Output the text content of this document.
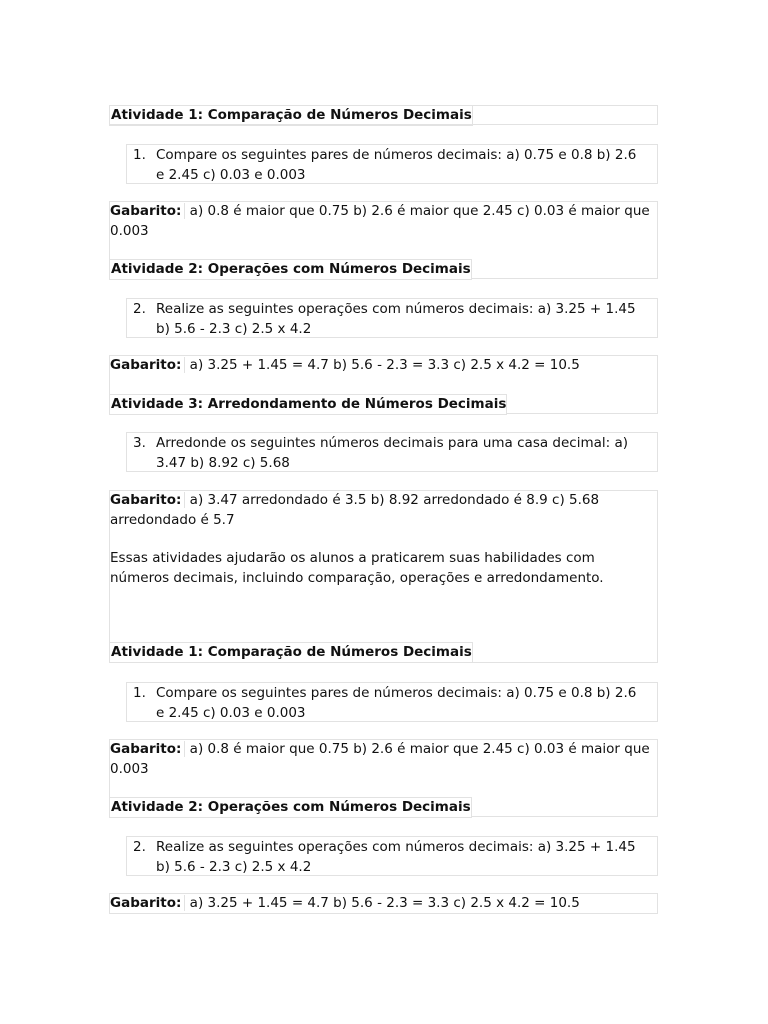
Atividade 1: Comparação de Números Decimais
1. Compare os seguintes pares de números decimais: a) 0.75 e 0.8 b) 2.6 e 2.45 c) 0.03 e 0.003
Gabarito: a) 0.8 é maior que 0.75 b) 2.6 é maior que 2.45 c) 0.03 é maior que 0.003
Atividade 2: Operações com Números Decimais
2. Realize as seguintes operações com números decimais: a) 3.25 + 1.45 b) 5.6 - 2.3 c) 2.5 x 4.2
Gabarito: a) 3.25 + 1.45 = 4.7 b) 5.6 - 2.3 = 3.3 c) 2.5 x 4.2 = 10.5
Atividade 3: Arredondamento de Números Decimais
3. Arredonde os seguintes números decimais para uma casa decimal: a) 3.47 b) 8.92 c) 5.68
Gabarito: a) 3.47 arredondado é 3.5 b) 8.92 arredondado é 8.9 c) 5.68 arredondado é 5.7
Essas atividades ajudarão os alunos a praticarem suas habilidades com números decimais, incluindo comparação, operações e arredondamento.
Atividade 1: Comparação de Números Decimais
1. Compare os seguintes pares de números decimais: a) 0.75 e 0.8 b) 2.6 e 2.45 c) 0.03 e 0.003
Gabarito: a) 0.8 é maior que 0.75 b) 2.6 é maior que 2.45 c) 0.03 é maior que 0.003
Atividade 2: Operações com Números Decimais
2. Realize as seguintes operações com números decimais: a) 3.25 + 1.45 b) 5.6 - 2.3 c) 2.5 x 4.2
Gabarito: a) 3.25 + 1.45 = 4.7 b) 5.6 - 2.3 = 3.3 c) 2.5 x 4.2 = 10.5
